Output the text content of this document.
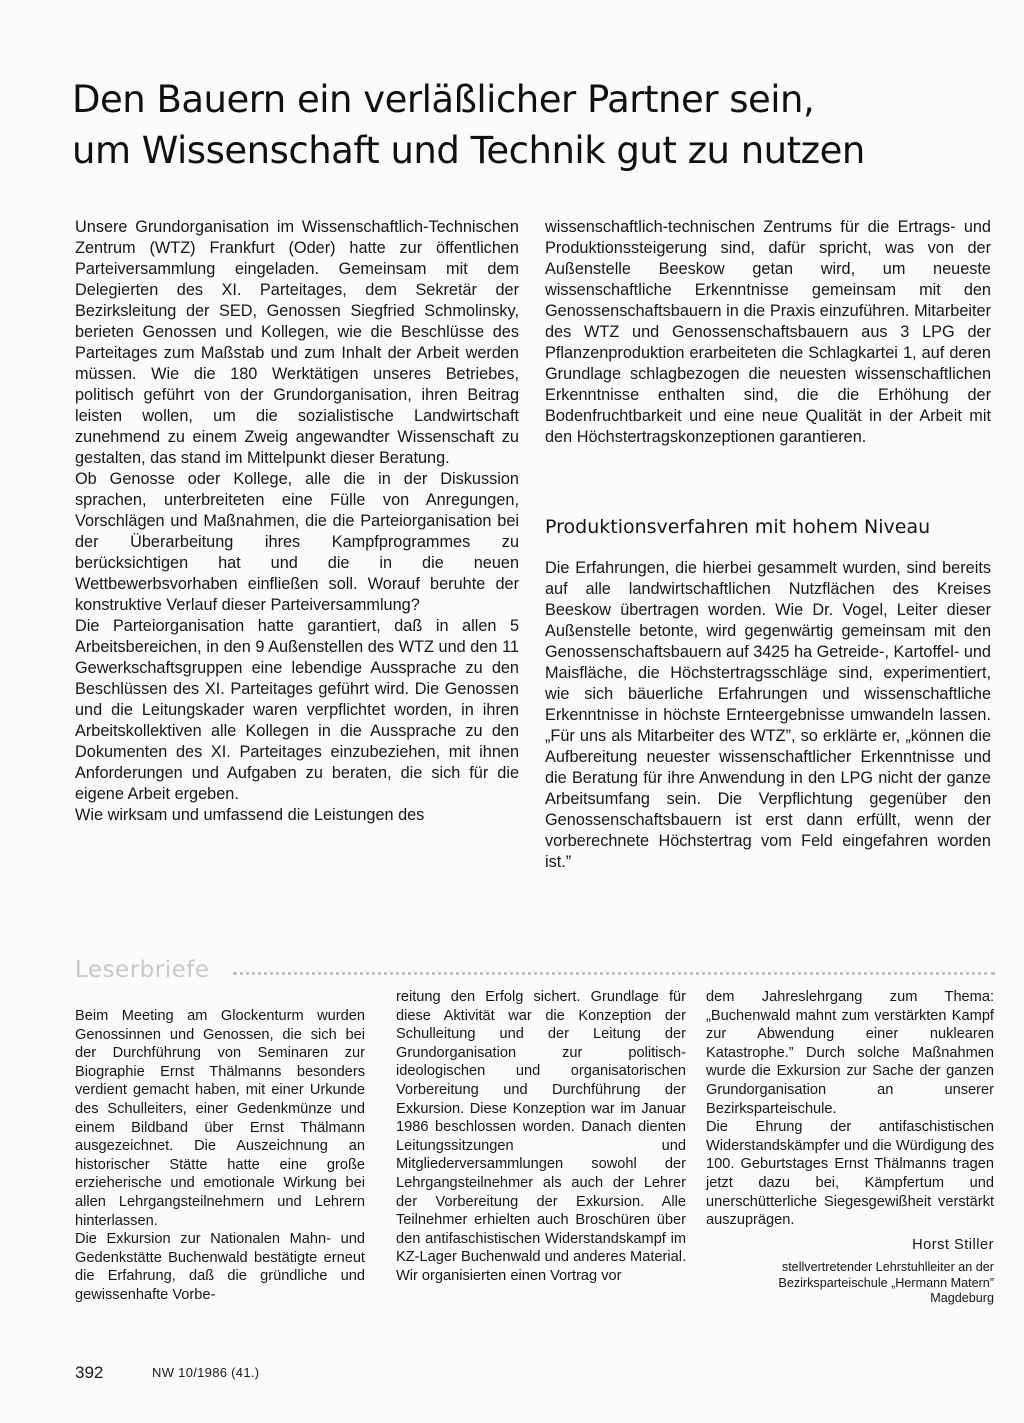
Den Bauern ein verläßlicher Partner sein,
um Wissenschaft und Technik gut zu nutzen

Unsere Grundorganisation im Wissenschaftlich-Technischen Zentrum (WTZ) Frankfurt (Oder) hatte zur öffentlichen Parteiversammlung eingeladen. Gemeinsam mit dem Delegierten des XI. Parteitages, dem Sekretär der Bezirksleitung der SED, Genossen Siegfried Schmolinsky, berieten Genossen und Kollegen, wie die Beschlüsse des Parteitages zum Maßstab und zum Inhalt der Arbeit werden müssen. Wie die 180 Werktätigen unseres Betriebes, politisch geführt von der Grundorganisation, ihren Beitrag leisten wollen, um die sozialistische Landwirtschaft zunehmend zu einem Zweig angewandter Wissenschaft zu gestalten, das stand im Mittelpunkt dieser Beratung.

Ob Genosse oder Kollege, alle die in der Diskussion sprachen, unterbreiteten eine Fülle von Anregungen, Vorschlägen und Maßnahmen, die die Parteiorganisation bei der Überarbeitung ihres Kampfprogrammes zu berücksichtigen hat und die in die neuen Wettbewerbsvorhaben einfließen soll. Worauf beruhte der konstruktive Verlauf dieser Parteiversammlung?

Die Parteiorganisation hatte garantiert, daß in allen 5 Arbeitsbereichen, in den 9 Außenstellen des WTZ und den 11 Gewerkschaftsgruppen eine lebendige Aussprache zu den Beschlüssen des XI. Parteitages geführt wird. Die Genossen und die Leitungskader waren verpflichtet worden, in ihren Arbeitskollektiven alle Kollegen in die Aussprache zu den Dokumenten des XI. Parteitages einzubeziehen, mit ihnen Anforderungen und Aufgaben zu beraten, die sich für die eigene Arbeit ergeben.

Wie wirksam und umfassend die Leistungen des

wissenschaftlich-technischen Zentrums für die Ertrags- und Produktionssteigerung sind, dafür spricht, was von der Außenstelle Beeskow getan wird, um neueste wissenschaftliche Erkenntnisse gemeinsam mit den Genossenschaftsbauern in die Praxis einzuführen. Mitarbeiter des WTZ und Genossenschaftsbauern aus 3 LPG der Pflanzenproduktion erarbeiteten die Schlagkartei 1, auf deren Grundlage schlagbezogen die neuesten wissenschaftlichen Erkenntnisse enthalten sind, die die Erhöhung der Bodenfruchtbarkeit und eine neue Qualität in der Arbeit mit den Höchstertragskonzeptionen garantieren.

Produktionsverfahren mit hohem Niveau

Die Erfahrungen, die hierbei gesammelt wurden, sind bereits auf alle landwirtschaftlichen Nutzflächen des Kreises Beeskow übertragen worden. Wie Dr. Vogel, Leiter dieser Außenstelle betonte, wird gegenwärtig gemeinsam mit den Genossenschaftsbauern auf 3425 ha Getreide-, Kartoffel- und Maisfläche, die Höchstertragsschläge sind, experimentiert, wie sich bäuerliche Erfahrungen und wissenschaftliche Erkenntnisse in höchste Ernteergebnisse umwandeln lassen. „Für uns als Mitarbeiter des WTZ”, so erklärte er, „können die Aufbereitung neuester wissenschaftlicher Erkenntnisse und die Beratung für ihre Anwendung in den LPG nicht der ganze Arbeitsumfang sein. Die Verpflichtung gegenüber den Genossenschaftsbauern ist erst dann erfüllt, wenn der vorberechnete Höchstertrag vom Feld eingefahren worden ist.”

Leserbriefe

Beim Meeting am Glockenturm wurden Genossinnen und Genossen, die sich bei der Durchführung von Seminaren zur Biographie Ernst Thälmanns besonders verdient gemacht haben, mit einer Urkunde des Schulleiters, einer Gedenkmünze und einem Bildband über Ernst Thälmann ausgezeichnet. Die Auszeichnung an historischer Stätte hatte eine große erzieherische und emotionale Wirkung bei allen Lehrgangsteilnehmern und Lehrern hinterlassen.

Die Exkursion zur Nationalen Mahn- und Gedenkstätte Buchenwald bestätigte erneut die Erfahrung, daß die gründliche und gewissenhafte Vorbe-

reitung den Erfolg sichert. Grundlage für diese Aktivität war die Konzeption der Schulleitung und der Leitung der Grundorganisation zur politisch-ideologischen und organisatorischen Vorbereitung und Durchführung der Exkursion. Diese Konzeption war im Januar 1986 beschlossen worden. Danach dienten Leitungssitzungen und Mitgliederversammlungen sowohl der Lehrgangsteilnehmer als auch der Lehrer der Vorbereitung der Exkursion. Alle Teilnehmer erhielten auch Broschüren über den antifaschistischen Widerstandskampf im KZ-Lager Buchenwald und anderes Material. Wir organisierten einen Vortrag vor

dem Jahreslehrgang zum Thema: „Buchenwald mahnt zum verstärkten Kampf zur Abwendung einer nuklearen Katastrophe.” Durch solche Maßnahmen wurde die Exkursion zur Sache der ganzen Grundorganisation an unserer Bezirksparteischule.

Die Ehrung der antifaschistischen Widerstandskämpfer und die Würdigung des 100. Geburtstages Ernst Thälmanns tragen jetzt dazu bei, Kämpfertum und unerschütterliche Siegesgewißheit verstärkt auszuprägen.

Horst Stiller

stellvertretender Lehrstuhlleiter an der
Bezirksparteischule „Hermann Matern”
Magdeburg

392	NW 10/1986 (41.)
